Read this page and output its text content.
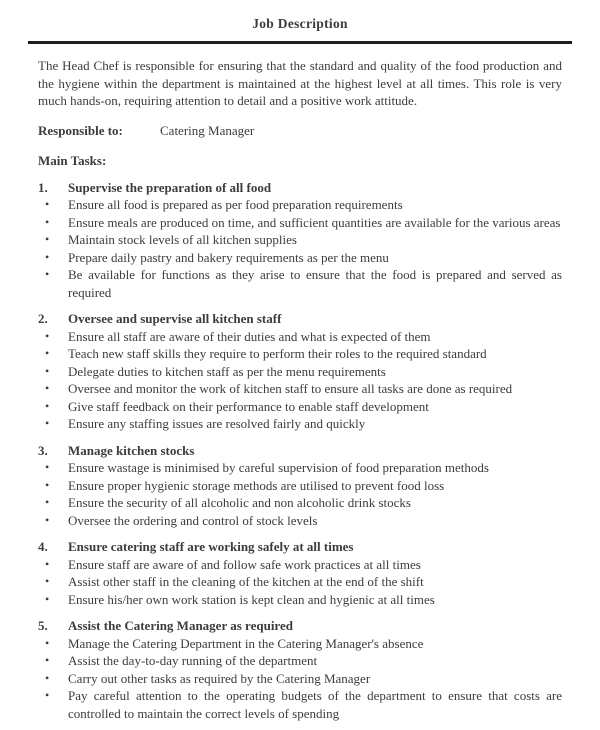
Job Description
The Head Chef is responsible for ensuring that the standard and quality of the food production and the hygiene within the department is maintained at the highest level at all times. This role is very much hands-on, requiring attention to detail and a positive work attitude.
Responsible to:	Catering Manager
Main Tasks:
1.	Supervise the preparation of all food
•
Ensure all food is prepared as per food preparation requirements
•
Ensure meals are produced on time, and sufficient quantities are available for the various areas
•
Maintain stock levels of all kitchen supplies
•
Prepare daily pastry and bakery requirements as per the menu
•
Be available for functions as they arise to ensure that the food is prepared and served as required
2.	Oversee and supervise all kitchen staff
•
Ensure all staff are aware of their duties and what is expected of them
•
Teach new staff skills they require to perform their roles to the required standard
•
Delegate duties to kitchen staff as per the menu requirements
•
Oversee and monitor the work of kitchen staff to ensure all tasks are done as required
•
Give staff feedback on their performance to enable staff development
•
Ensure any staffing issues are resolved fairly and quickly
3.	Manage kitchen stocks
•
Ensure wastage is minimised by careful supervision of food preparation methods
•
Ensure proper hygienic storage methods are utilised to prevent food loss
•
Ensure the security of all alcoholic and non alcoholic drink stocks
•
Oversee the ordering and control of stock levels
4.	Ensure catering staff are working safely at all times
•
Ensure staff are aware of and follow safe work practices at all times
•
Assist other staff in the cleaning of the kitchen at the end of the shift
•
Ensure his/her own work station is kept clean and hygienic at all times
5.	Assist the Catering Manager as required
•
Manage the Catering Department in the Catering Manager's absence
•
Assist the day-to-day running of the department
•
Carry out other tasks as required by the Catering Manager
•
Pay careful attention to the operating budgets of the department to ensure that costs are controlled to maintain the correct levels of spending
